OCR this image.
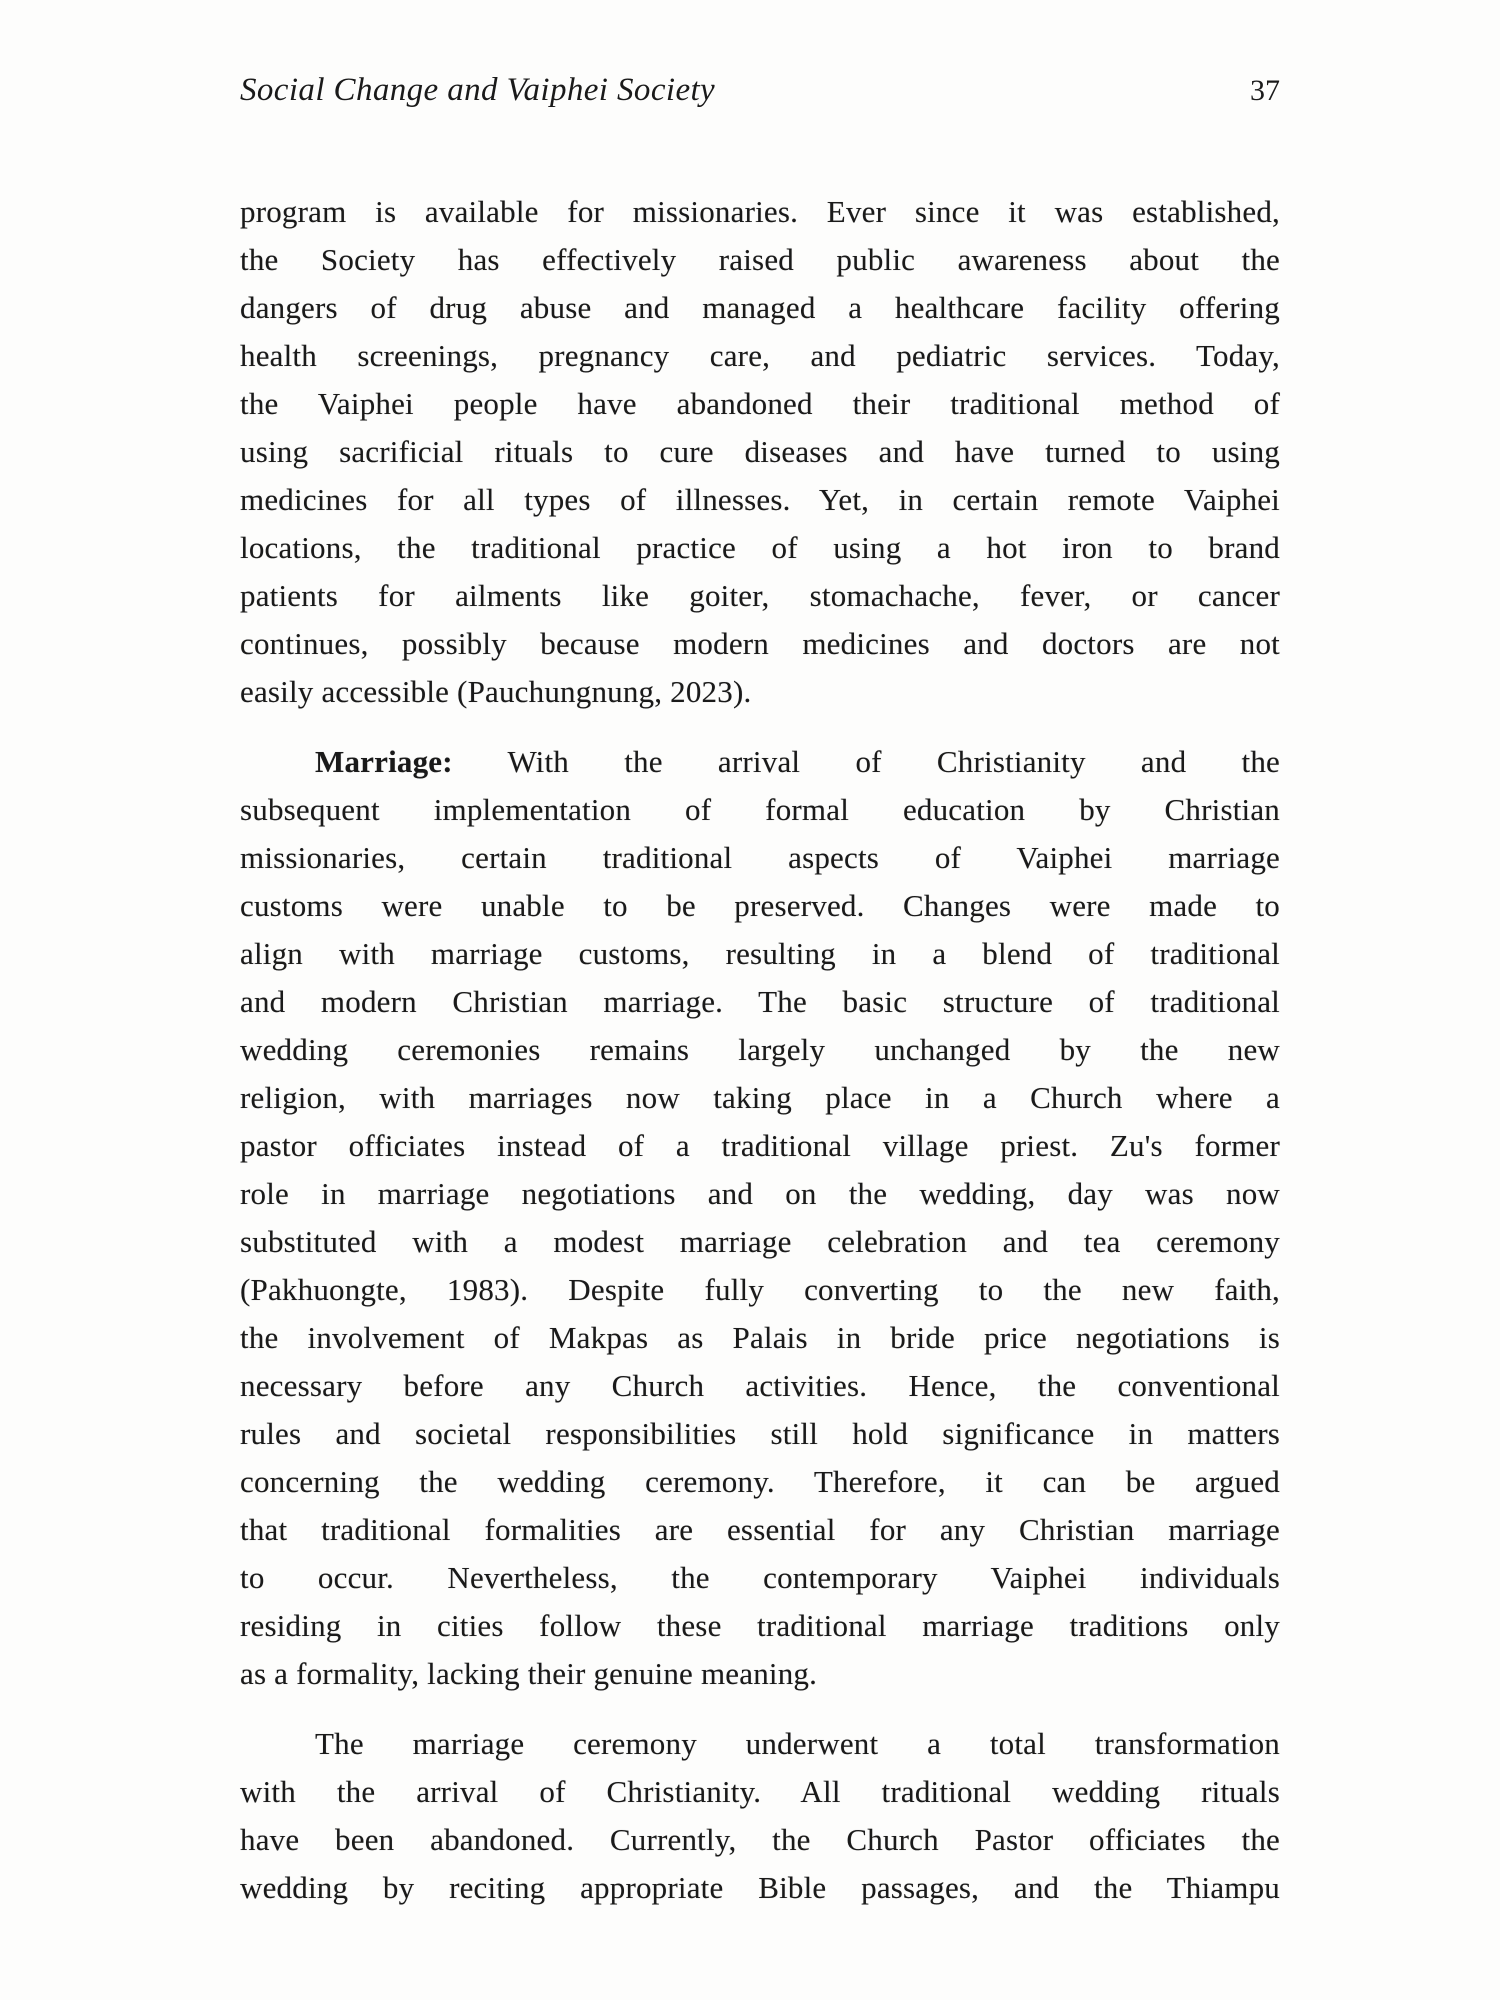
Social Change and Vaiphei Society	37

program is available for missionaries. Ever since it was established,
the Society has effectively raised public awareness about the
dangers of drug abuse and managed a healthcare facility offering
health screenings, pregnancy care, and pediatric services. Today,
the Vaiphei people have abandoned their traditional method of
using sacrificial rituals to cure diseases and have turned to using
medicines for all types of illnesses. Yet, in certain remote Vaiphei
locations, the traditional practice of using a hot iron to brand
patients for ailments like goiter, stomachache, fever, or cancer
continues, possibly because modern medicines and doctors are not
easily accessible (Pauchungnung, 2023).

Marriage: With the arrival of Christianity and the
subsequent implementation of formal education by Christian
missionaries, certain traditional aspects of Vaiphei marriage
customs were unable to be preserved. Changes were made to
align with marriage customs, resulting in a blend of traditional
and modern Christian marriage. The basic structure of traditional
wedding ceremonies remains largely unchanged by the new
religion, with marriages now taking place in a Church where a
pastor officiates instead of a traditional village priest. Zu's former
role in marriage negotiations and on the wedding, day was now
substituted with a modest marriage celebration and tea ceremony
(Pakhuongte, 1983). Despite fully converting to the new faith,
the involvement of Makpas as Palais in bride price negotiations is
necessary before any Church activities. Hence, the conventional
rules and societal responsibilities still hold significance in matters
concerning the wedding ceremony. Therefore, it can be argued
that traditional formalities are essential for any Christian marriage
to occur. Nevertheless, the contemporary Vaiphei individuals
residing in cities follow these traditional marriage traditions only
as a formality, lacking their genuine meaning.

The marriage ceremony underwent a total transformation
with the arrival of Christianity. All traditional wedding rituals
have been abandoned. Currently, the Church Pastor officiates the
wedding by reciting appropriate Bible passages, and the Thiampu
